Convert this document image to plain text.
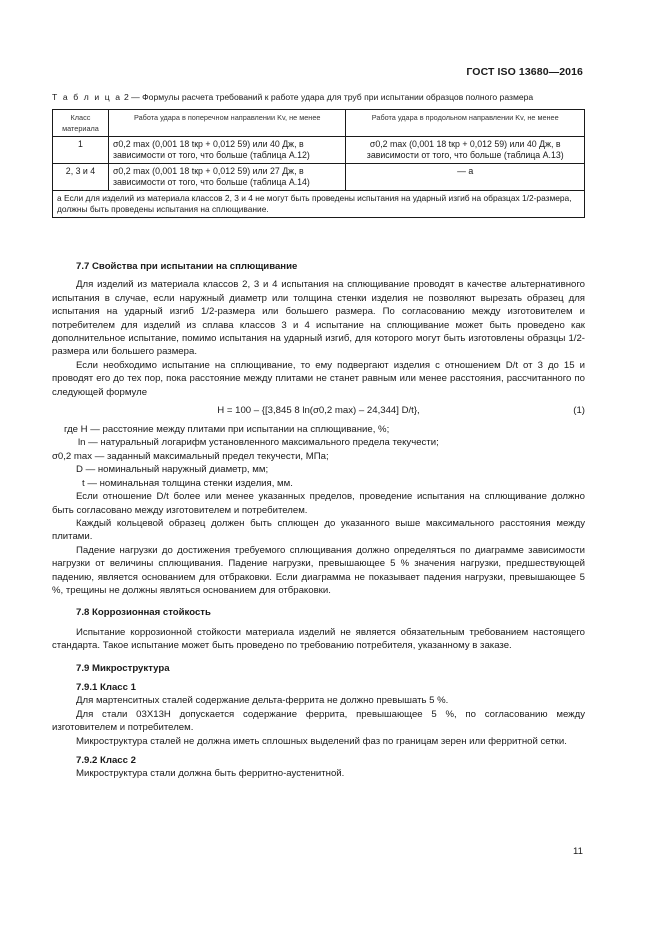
ГОСТ ISO 13680—2016
Т а б л и ц а 2 — Формулы расчета требований к работе удара для труб при испытании образцов полного размера
Класс материала	Работа удара в поперечном направлении Kv, не менее	Работа удара в продольном направлении Kv, не менее
1	σ0,2 max (0,001 18 tкр + 0,012 59) или 40 Дж, в зависимости от того, что больше (таблица А.12)	σ0,2 max (0,001 18 tкр + 0,012 59) или 40 Дж, в зависимости от того, что больше (таблица А.13)
2, 3 и 4	σ0,2 max (0,001 18 tкр + 0,012 59) или 27 Дж, в зависимости от того, что больше (таблица А.14)	— а
а Если для изделий из материала классов 2, 3 и 4 не могут быть проведены испытания на ударный изгиб на образцах 1/2-размера, должны быть проведены испытания на сплющивание.		

7.7 Свойства при испытании на сплющивание

Для изделий из материала классов 2, 3 и 4 испытания на сплющивание проводят в качестве альтернативного испытания в случае, если наружный диаметр или толщина стенки изделия не позволяют вырезать образец для испытания на ударный изгиб 1/2-размера или большего размера. По согласованию между изготовителем и потребителем для изделий из сплава классов 3 и 4 испытание на сплющивание может быть проведено как дополнительное испытание, помимо испытания на ударный изгиб, для которого могут быть изготовлены образцы 1/2-размера или большего размера.

Если необходимо испытание на сплющивание, то ему подвергают изделия с отношением D/t от 3 до 15 и проводят его до тех пор, пока расстояние между плитами не станет равным или менее расстояния, рассчитанного по следующей формуле

H = 100 – {[3,845 8 ln(σ0,2 max) – 24,344] D/t},	(1)

где H — расстояние между плитами при испытании на сплющивание, %;

ln — натуральный логарифм установленного максимального предела текучести;

σ0,2 max — заданный максимальный предел текучести, МПа;

D — номинальный наружный диаметр, мм;

t — номинальная толщина стенки изделия, мм.

Если отношение D/t более или менее указанных пределов, проведение испытания на сплющивание должно быть согласовано между изготовителем и потребителем.

Каждый кольцевой образец должен быть сплющен до указанного выше максимального расстояния между плитами.

Падение нагрузки до достижения требуемого сплющивания должно определяться по диаграмме зависимости нагрузки от величины сплющивания. Падение нагрузки, превышающее 5 % значения нагрузки, предшествующей падению, является основанием для отбраковки. Если диаграмма не показывает падения нагрузки, превышающее 5 %, трещины не должны являться основанием для отбраковки.

7.8 Коррозионная стойкость

Испытание коррозионной стойкости материала изделий не является обязательным требованием настоящего стандарта. Такое испытание может быть проведено по требованию потребителя, указанному в заказе.

7.9 Микроструктура

7.9.1 Класс 1

Для мартенситных сталей содержание дельта-феррита не должно превышать 5 %.

Для стали 03Х13Н допускается содержание феррита, превышающее 5 %, по согласованию между изготовителем и потребителем.

Микроструктура сталей не должна иметь сплошных выделений фаз по границам зерен или ферритной сетки.

7.9.2 Класс 2

Микроструктура стали должна быть ферритно-аустенитной.

11
